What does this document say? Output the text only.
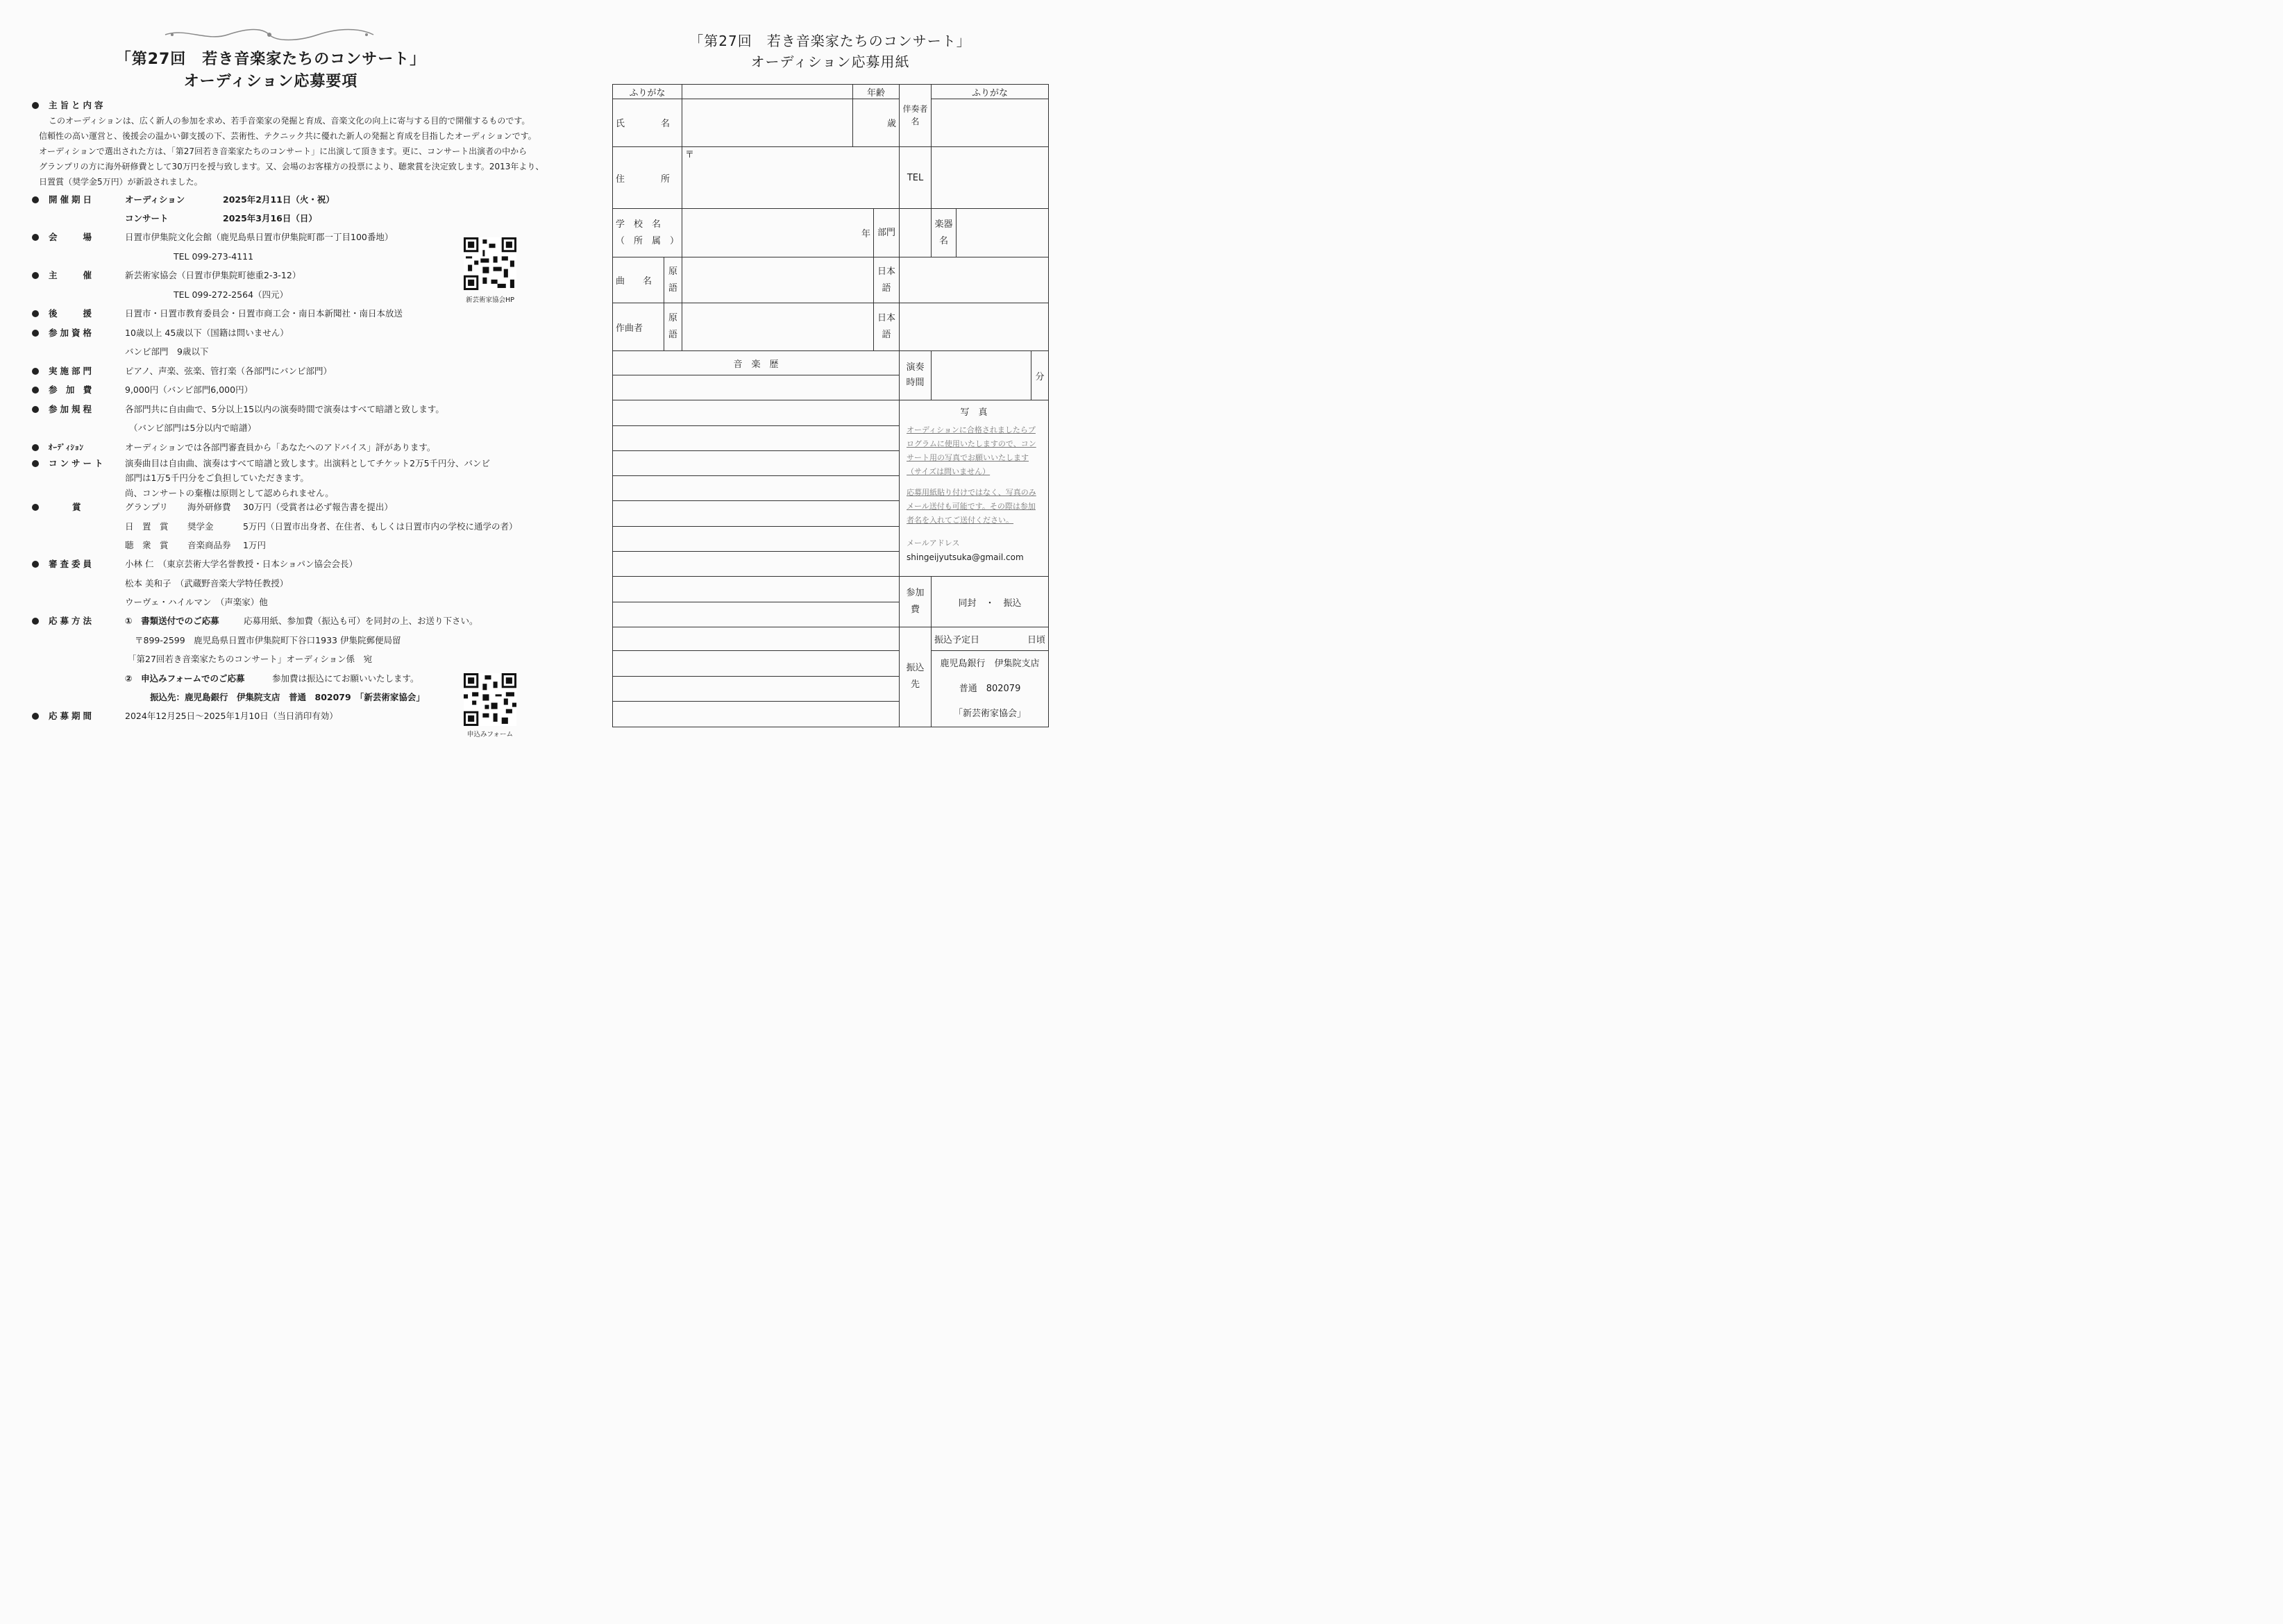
「第27回　若き音楽家たちのコンサート」
オーディション応募要項
主旨と内容
このオーディションは、広く新人の参加を求め、若手音楽家の発掘と育成、音楽文化の向上に寄与する目的で開催するものです。
信頼性の高い運営と、後援会の温かい御支援の下、芸術性、テクニック共に優れた新人の発掘と育成を目指したオーディションです。
オーディションで選出された方は、「第27回若き音楽家たちのコンサート」に出演して頂きます。更に、コンサート出演者の中から
グランプリの方に海外研修費として30万円を授与致します。又、会場のお客様方の投票により、聴衆賞を決定致します。2013年より、
日置賞（奨学金5万円）が新設されました。
開催期日	オーディション	2025年2月11日（火・祝）
コンサート	2025年3月16日（日）
会　　場	日置市伊集院文化会館（鹿児島県日置市伊集院町郡一丁目100番地）
TEL 099-273-4111
主　　催	新芸術家協会（日置市伊集院町徳重2-3-12）
TEL 099-272-2564（四元）
後　　援	日置市・日置市教育委員会・日置市商工会・南日本新聞社・南日本放送
参加資格	10歳以上 45歳以下（国籍は問いません）
バンビ部門　9歳以下
実施部門	ピアノ、声楽、弦楽、管打楽（各部門にバンビ部門）
参 加 費	9,000円（バンビ部門6,000円）
参加規程	各部門共に自由曲で、5分以上15以内の演奏時間で演奏はすべて暗譜と致します。
（バンビ部門は5分以内で暗譜）
ｵｰﾃﾞｨｼｮﾝ	オーディションでは各部門審査員から「あなたへのアドバイス」評があります。
コンサート	演奏曲目は自由曲、演奏はすべて暗譜と致します。出演料としてチケット2万5千円分、バンビ
部門は1万5千円分をご負担していただきます。
尚、コンサートの棄権は原則として認められません。
賞	グランプリ 海外研修費 30万円（受賞者は必ず報告書を提出）
日　置　賞 奨学金	5万円（日置市出身者、在住者、もしくは日置市内の学校に通学の者）
聴　衆　賞 音楽商品券 1万円
審査委員	小林 仁　（東京芸術大学名誉教授・日本ショパン協会会長）
松本 美和子　（武蔵野音楽大学特任教授）
ウーヴェ・ハイルマン　（声楽家）他
応募方法	①　書類送付でのご応募	応募用紙、参加費（振込も可）を同封の上、お送り下さい。
〒899-2599　鹿児島県日置市伊集院町下谷口1933 伊集院郵便局留
「第27回若き音楽家たちのコンサート」オーディション係　宛
②　申込みフォームでのご応募	参加費は振込にてお願いいたします。
振込先：鹿児島銀行　伊集院支店　普通　802079　「新芸術家協会」
応募期間	2024年12月25日～2025年1月10日（当日消印有効）
新芸術家協会HP
申込みフォーム
「第27回　若き音楽家たちのコンサート」
オーディション応募用紙
ふりがな			年齢		伴奏者名	ふりがな		
氏　　　　名			歳					
住　　　　所		〒			TEL			

学　校　名
（　所　属　）		年		部門		楽器名		
曲　　名	原語			日本語				
作曲者	原語			日本語				
音　楽　歴					演奏時間			分

					写　真
オーディションに合格されましたらプログラムに使用いたしますので、コンサート用の写真でお願いいたします（サイズは問いません）
応募用紙貼り付けではなく、写真のみメール送付も可能です。その際は参加者名を入れてご送付ください。
メールアドレス
shingeijyutsuka@gmail.com			

					参加費	同封　・　振込		

					振込先	振込予定日 日頃		

						鹿児島銀行　伊集院支店
普通　802079
「新芸術家協会」		
